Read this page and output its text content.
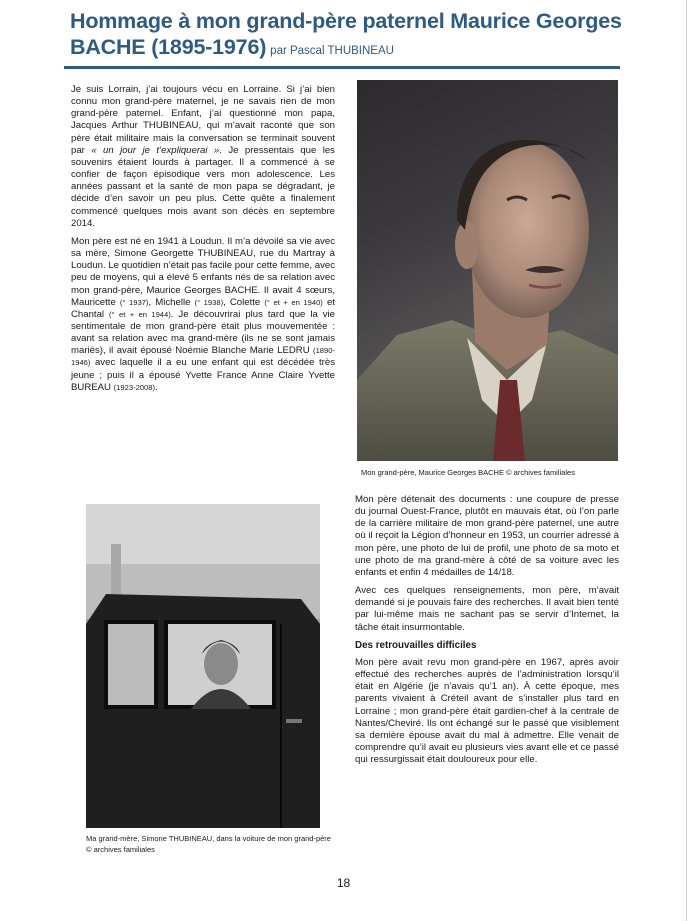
Hommage à mon grand-père paternel Maurice Georges BACHE (1895-1976) par Pascal THUBINEAU

Je suis Lorrain, j’ai toujours vécu en Lorraine. Si j’ai bien connu mon grand-père maternel, je ne savais rien de mon grand-père paternel. Enfant, j’ai questionné mon papa, Jacques Arthur THUBINEAU, qui m’avait raconté que son père était militaire mais la conversation se terminait souvent par « un jour je t’expliquerai ». Je pressentais que les souvenirs étaient lourds à partager. Il a commencé à se confier de façon épisodique vers mon adolescence. Les années passant et la santé de mon papa se dégradant, je décide d’en savoir un peu plus. Cette quête a finalement commencé quelques mois avant son décès en septembre 2014.

Mon père est né en 1941 à Loudun. Il m’a dévoilé sa vie avec sa mère, Simone Georgette THUBINEAU, rue du Martray à Loudun. Le quotidien n’était pas facile pour cette femme, avec peu de moyens, qui a élevé 5 enfants nés de sa relation avec mon grand-père, Maurice Georges BACHE. Il avait 4 sœurs, Mauricette (° 1937), Michelle (° 1938), Colette (° et + en 1940) et Chantal (° et + en 1944). Je découvrirai plus tard que la vie sentimentale de mon grand-père était plus mouvementée : avant sa relation avec ma grand-mère (ils ne se sont jamais mariés), il avait épousé Noémie Blanche Marie LEDRU (1890-1946) avec laquelle il a eu une enfant qui est décédée très jeune ; puis il a épousé Yvette France Anne Claire Yvette BUREAU (1923-2008).

Mon grand-père, Maurice Georges BACHE © archives familiales
Ma grand-mère, Simone THUBINEAU, dans la voiture de mon grand-père © archives familiales

Mon père détenait des documents : une coupure de presse du journal Ouest-France, plutôt en mauvais état, où l’on parle de la carrière militaire de mon grand-père paternel, une autre où il reçoit la Légion d’honneur en 1953, un courrier adressé à mon père, une photo de lui de profil, une photo de sa moto et une photo de ma grand-mère à côté de sa voiture avec les enfants et enfin 4 médailles de 14/18.

Avec ces quelques renseignements, mon père, m’avait demandé si je pouvais faire des recherches. Il avait bien tenté par lui-même mais ne sachant pas se servir d’Internet, la tâche était insurmontable.

Des retrouvailles difficiles

Mon père avait revu mon grand-père en 1967, après avoir effectué des recherches auprès de l’administration lorsqu’il était en Algérie (je n’avais qu’1 an). À cette époque, mes parents vivaient à Créteil avant de s’installer plus tard en Lorraine ; mon grand-père était gardien-chef à la centrale de Nantes/Cheviré. Ils ont échangé sur le passé que visiblement sa dernière épouse avait du mal à admettre. Elle venait de comprendre qu’il avait eu plusieurs vies avant elle et ce passé qui ressurgissait était douloureux pour elle.

18
